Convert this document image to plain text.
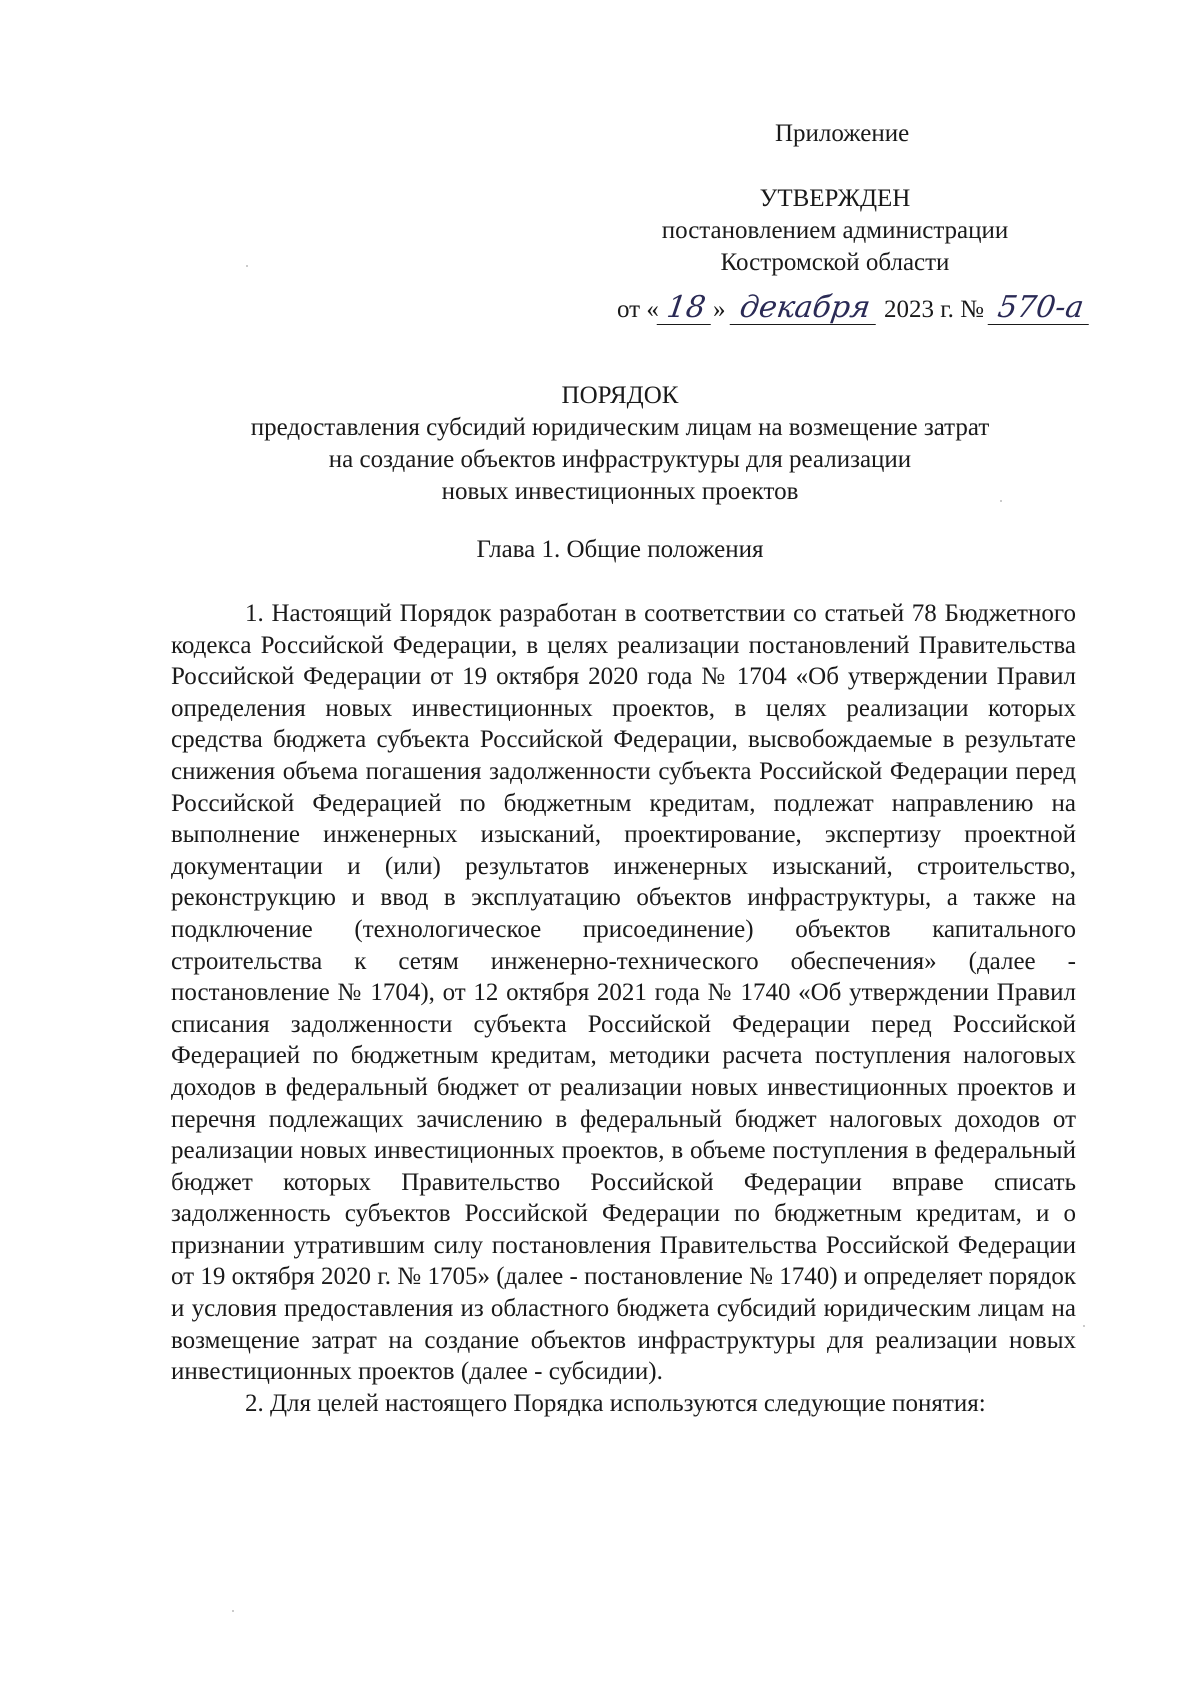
Приложение
УТВЕРЖДЕН
постановлением администрации
Костромской области
от « 18 » декабря 2023 г. № 570-а
ПОРЯДОК
предоставления субсидий юридическим лицам на возмещение затрат
на создание объектов инфраструктуры для реализации
новых инвестиционных проектов
Глава 1. Общие положения

1. Настоящий Порядок разработан в соответствии со статьей 78 Бюджетного кодекса Российской Федерации, в целях реализации постановлений Правительства Российской Федерации от 19 октября 2020 года № 1704 «Об утверждении Правил определения новых инвестиционных проектов, в целях реализации которых средства бюджета субъекта Российской Федерации, высвобождаемые в результате снижения объема погашения задолженности субъекта Российской Федерации перед Российской Федерацией по бюджетным кредитам, подлежат направлению на выполнение инженерных изысканий, проектирование, экспертизу проектной документации и (или) результатов инженерных изысканий, строительство, реконструкцию и ввод в эксплуатацию объектов инфраструктуры, а также на подключение (технологическое присоединение) объектов капитального строительства к сетям инженерно-технического обеспечения» (далее - постановление № 1704), от 12 октября 2021 года № 1740 «Об утверждении Правил списания задолженности субъекта Российской Федерации перед Российской Федерацией по бюджетным кредитам, методики расчета поступления налоговых доходов в федеральный бюджет от реализации новых инвестиционных проектов и перечня подлежащих зачислению в федеральный бюджет налоговых доходов от реализации новых инвестиционных проектов, в объеме поступления в федеральный бюджет которых Правительство Российской Федерации вправе списать задолженность субъектов Российской Федерации по бюджетным кредитам, и о признании утратившим силу постановления Правительства Российской Федерации от 19 октября 2020 г. № 1705» (далее - постановление № 1740) и определяет порядок и условия предоставления из областного бюджета субсидий юридическим лицам на возмещение затрат на создание объектов инфраструктуры для реализации новых инвестиционных проектов (далее - субсидии).

2. Для целей настоящего Порядка используются следующие понятия:
